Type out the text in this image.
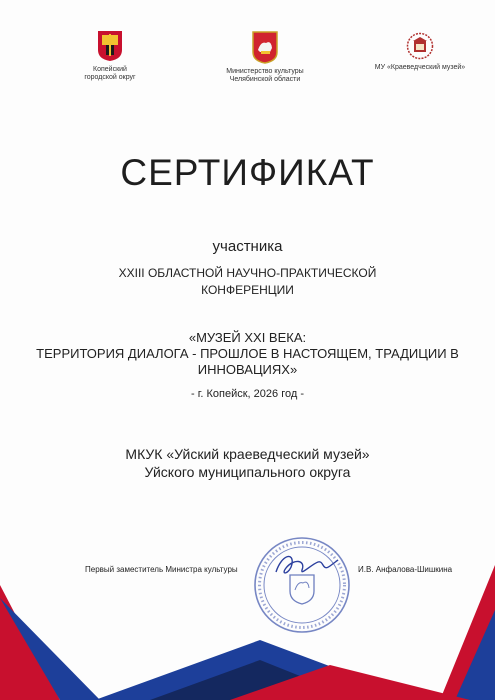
Копейский
городской округ
Министерство культуры
Челябинской области
МУ «Краеведческий музей»
СЕРТИФИКАТ
участника
XXIII ОБЛАСТНОЙ НАУЧНО-ПРАКТИЧЕСКОЙ
КОНФЕРЕНЦИИ
«МУЗЕЙ XXI ВЕКА:
ТЕРРИТОРИЯ ДИАЛОГА - ПРОШЛОЕ В НАСТОЯЩЕМ, ТРАДИЦИИ В
ИННОВАЦИЯХ»
- г. Копейск, 2026 год -
МКУК «Уйский краеведческий музей»
Уйского муниципального округа
Первый заместитель Министра культуры	И.В. Анфалова-Шишкина
